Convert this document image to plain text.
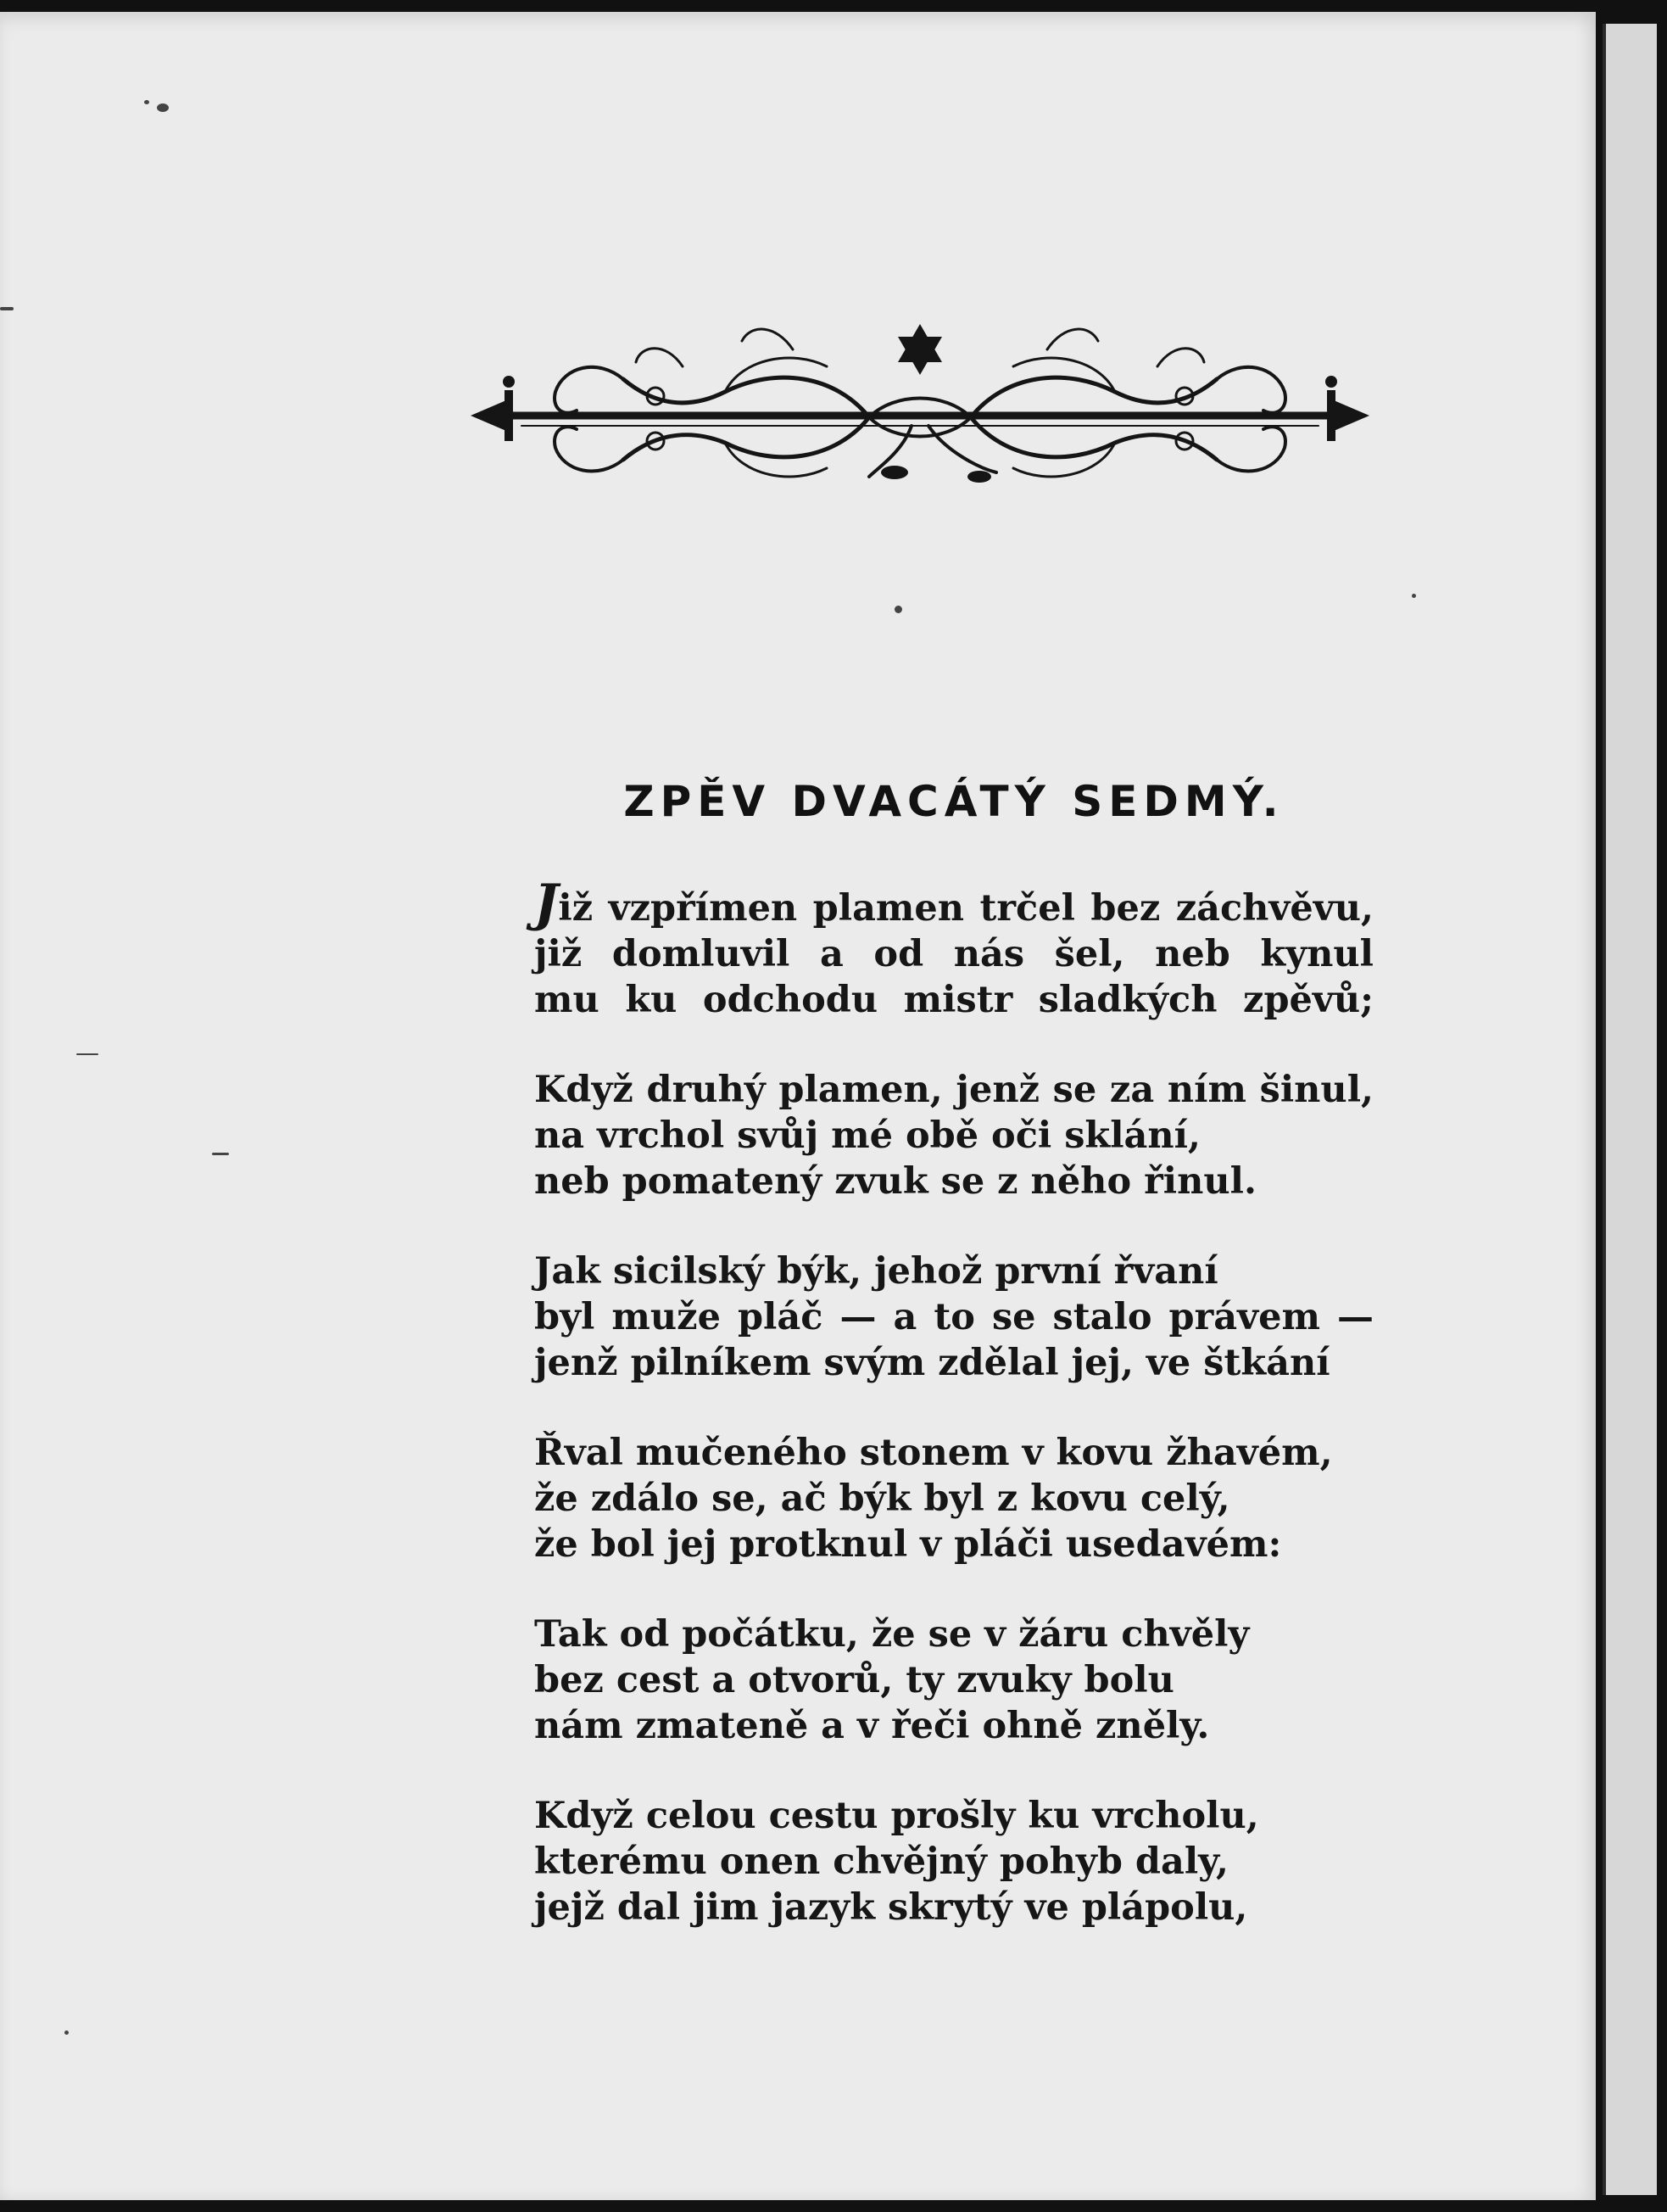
ZPĚV DVACÁTÝ SEDMÝ.
Již vzpřímen plamen trčel bez záchvěvu,
již domluvil a od nás šel, neb kynul
mu ku odchodu mistr sladkých zpěvů;
Když druhý plamen, jenž se za ním šinul,
na vrchol svůj mé obě oči sklání,
neb pomatený zvuk se z něho řinul.
Jak sicilský býk, jehož první řvaní
byl muže pláč — a to se stalo právem —
jenž pilníkem svým zdělal jej, ve štkání
Řval mučeného stonem v kovu žhavém,
že zdálo se, ač býk byl z kovu celý,
že bol jej protknul v pláči usedavém:
Tak od počátku, že se v žáru chvěly
bez cest a otvorů, ty zvuky bolu
nám zmateně a v řeči ohně zněly.
Když celou cestu prošly ku vrcholu,
kterému onen chvějný pohyb daly,
jejž dal jim jazyk skrytý ve plápolu,
